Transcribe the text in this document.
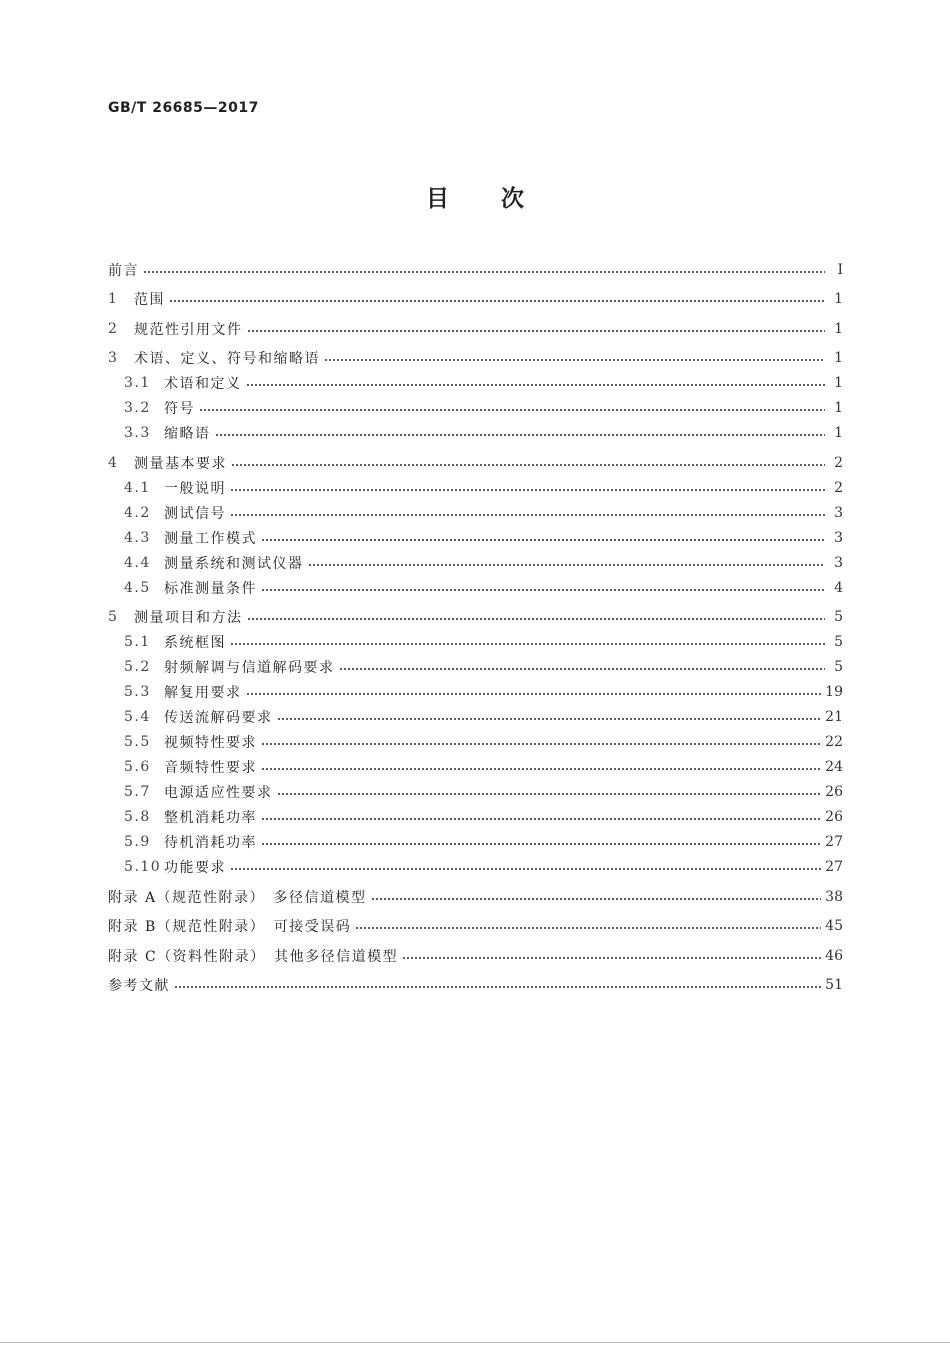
GB/T 26685—2017
目 次
前言	Ⅰ
1	范围	1
2	规范性引用文件	1
3	术语、定义、符号和缩略语	1
3.1 术语和定义	1
3.2 符号	1
3.3 缩略语	1
4	测量基本要求	2
4.1 一般说明	2
4.2 测试信号	3
4.3 测量工作模式	3
4.4 测量系统和测试仪器	3
4.5 标准测量条件	4
5	测量项目和方法	5
5.1 系统框图	5
5.2 射频解调与信道解码要求	5
5.3 解复用要求	19
5.4 传送流解码要求	21
5.5 视频特性要求	22
5.6 音频特性要求	24
5.7 电源适应性要求	26
5.8 整机消耗功率	26
5.9 待机消耗功率	27
5.10 功能要求	27
附录 A（规范性附录）　多径信道模型	38
附录 B（规范性附录）　可接受误码	45
附录 C（资料性附录）　其他多径信道模型	46
参考文献	51
